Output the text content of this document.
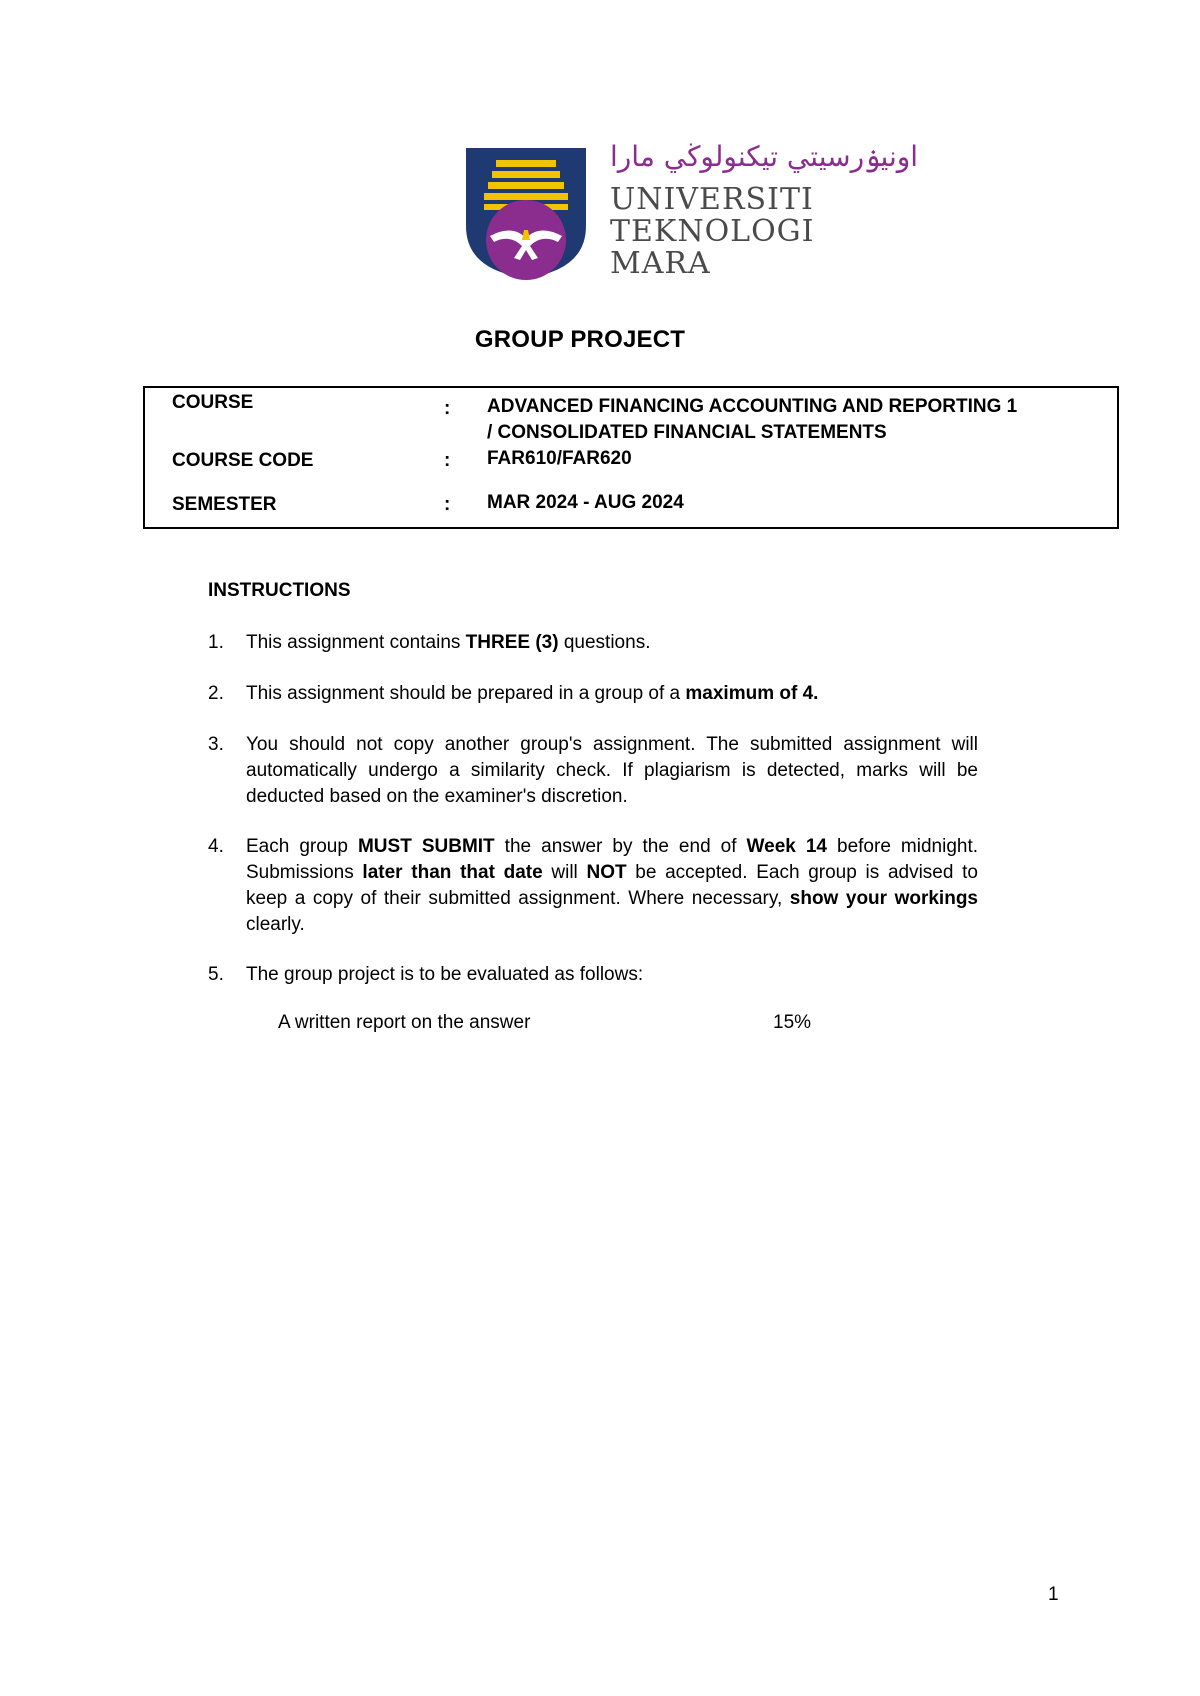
اونيۏرسيتي تيكنولوڬي مارا
UNIVERSITI
TEKNOLOGI
MARA
GROUP PROJECT
COURSE	: ADVANCED FINANCING ACCOUNTING AND REPORTING 1
/ CONSOLIDATED FINANCIAL STATEMENTS
COURSE CODE	: FAR610/FAR620
SEMESTER	: MAR 2024 - AUG 2024
INSTRUCTIONS
1. This assignment contains THREE (3) questions.
2. This assignment should be prepared in a group of a maximum of 4.
3. You should not copy another group's assignment. The submitted assignment will automatically undergo a similarity check. If plagiarism is detected, marks will be deducted based on the examiner's discretion.
4. Each group MUST SUBMIT the answer by the end of Week 14 before midnight. Submissions later than that date will NOT be accepted. Each group is advised to keep a copy of their submitted assignment. Where necessary, show your workings clearly.
5. The group project is to be evaluated as follows:
A written report on the answer	15%
1
